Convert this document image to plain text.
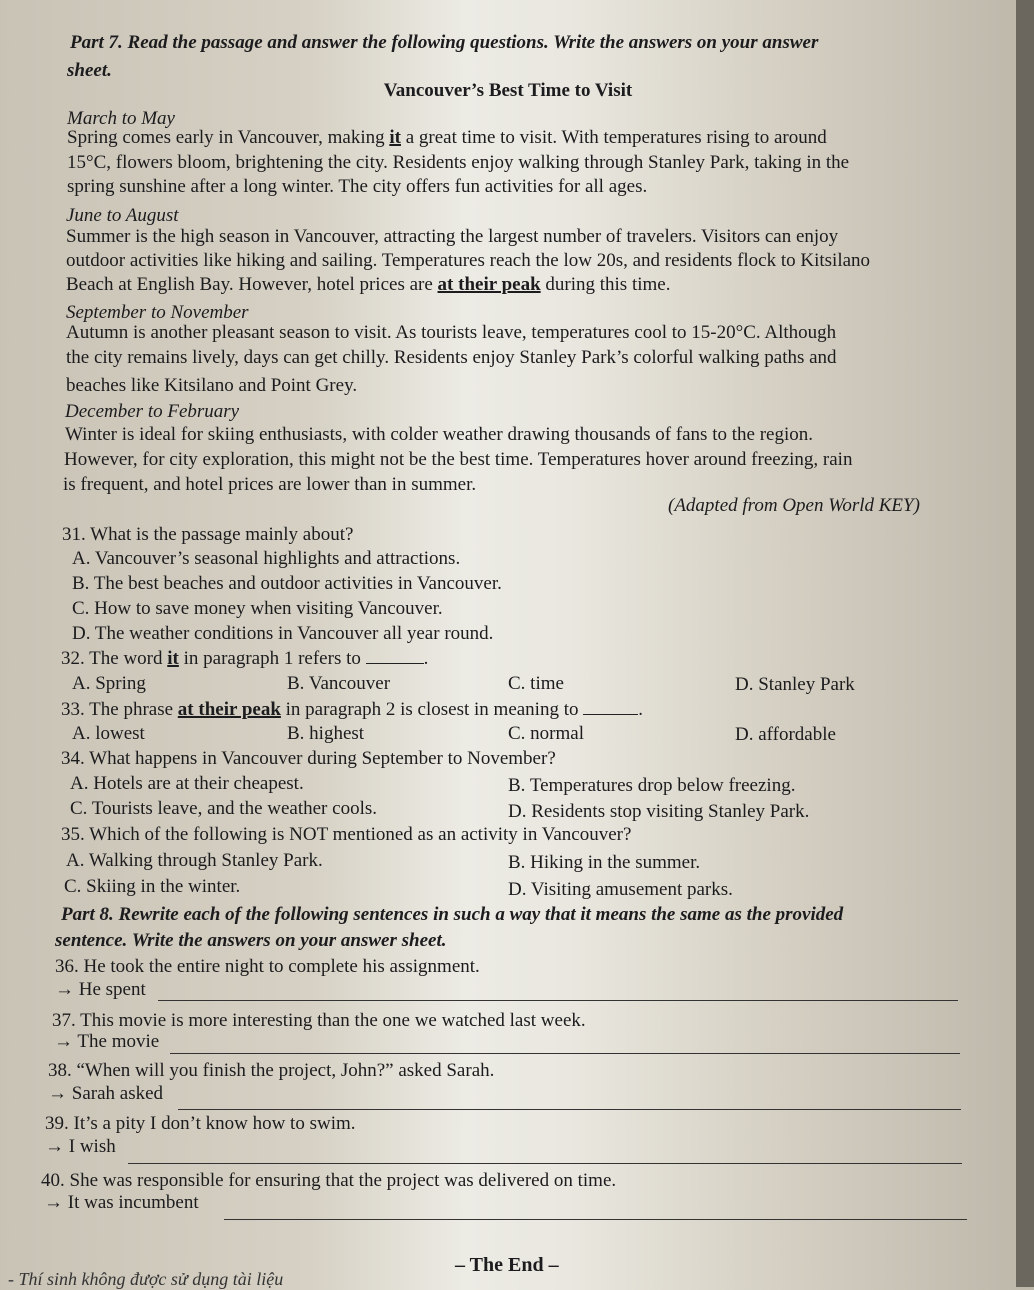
Part 7. Read the passage and answer the following questions. Write the answers on your answer
sheet.
Vancouver’s Best Time to Visit
March to May
Spring comes early in Vancouver, making it a great time to visit. With temperatures rising to around
15°C, flowers bloom, brightening the city. Residents enjoy walking through Stanley Park, taking in the
spring sunshine after a long winter. The city offers fun activities for all ages.
June to August
Summer is the high season in Vancouver, attracting the largest number of travelers. Visitors can enjoy
outdoor activities like hiking and sailing. Temperatures reach the low 20s, and residents flock to Kitsilano
Beach at English Bay. However, hotel prices are at their peak during this time.
September to November
Autumn is another pleasant season to visit. As tourists leave, temperatures cool to 15-20°C. Although
the city remains lively, days can get chilly. Residents enjoy Stanley Park’s colorful walking paths and
beaches like Kitsilano and Point Grey.
December to February
Winter is ideal for skiing enthusiasts, with colder weather drawing thousands of fans to the region.
However, for city exploration, this might not be the best time. Temperatures hover around freezing, rain
is frequent, and hotel prices are lower than in summer.
(Adapted from Open World KEY)
31. What is the passage mainly about?
A. Vancouver’s seasonal highlights and attractions.
B. The best beaches and outdoor activities in Vancouver.
C. How to save money when visiting Vancouver.
D. The weather conditions in Vancouver all year round.
32. The word it in paragraph 1 refers to	.
A. Spring	B. Vancouver	C. time	D. Stanley Park
33. The phrase at their peak in paragraph 2 is closest in meaning to	.
A. lowest	B. highest	C. normal	D. affordable
34. What happens in Vancouver during September to November?
A. Hotels are at their cheapest.	B. Temperatures drop below freezing.
C. Tourists leave, and the weather cools.	D. Residents stop visiting Stanley Park.
35. Which of the following is NOT mentioned as an activity in Vancouver?
A. Walking through Stanley Park.	B. Hiking in the summer.
C. Skiing in the winter.	D. Visiting amusement parks.
Part 8. Rewrite each of the following sentences in such a way that it means the same as the provided
sentence. Write the answers on your answer sheet.
36. He took the entire night to complete his assignment.
→ He spent
37. This movie is more interesting than the one we watched last week.
→ The movie
38. “When will you finish the project, John?” asked Sarah.
→ Sarah asked
39. It’s a pity I don’t know how to swim.
→ I wish
40. She was responsible for ensuring that the project was delivered on time.
→ It was incumbent
– The End –
- Thí sinh không được sử dụng tài liệu
